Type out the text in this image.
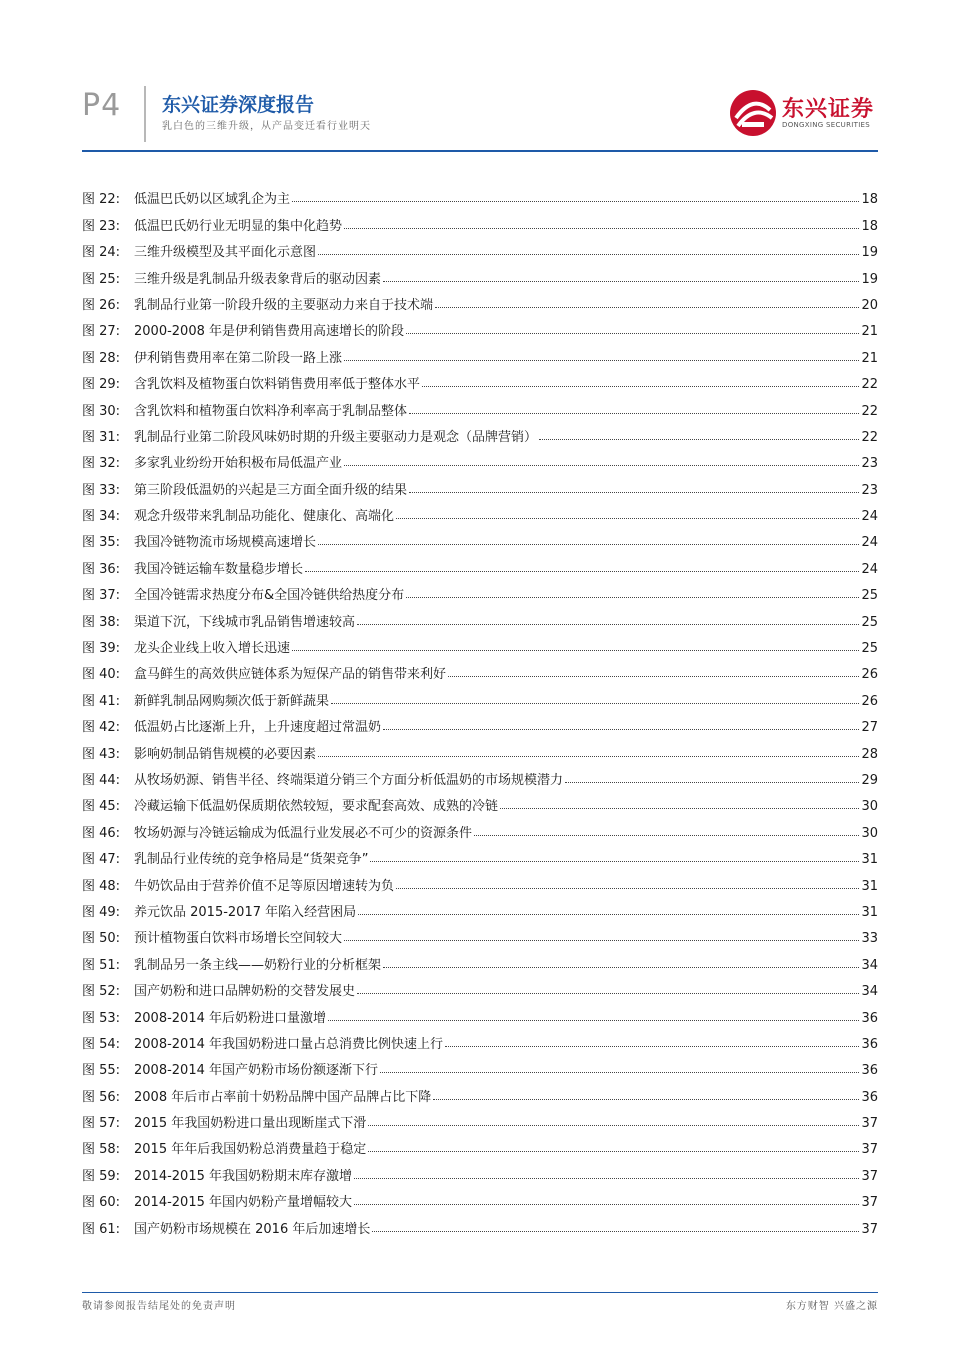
P4 东兴证券深度报告
乳白色的三维升级，从产品变迁看行业明天
东兴证券
DONGXING SECURITIES
图 22: 低温巴氏奶以区域乳企为主	18
图 23: 低温巴氏奶行业无明显的集中化趋势	18
图 24: 三维升级模型及其平面化示意图	19
图 25: 三维升级是乳制品升级表象背后的驱动因素	19
图 26: 乳制品行业第一阶段升级的主要驱动力来自于技术端	20
图 27: 2000-2008 年是伊利销售费用高速增长的阶段	21
图 28: 伊利销售费用率在第二阶段一路上涨	21
图 29: 含乳饮料及植物蛋白饮料销售费用率低于整体水平	22
图 30: 含乳饮料和植物蛋白饮料净利率高于乳制品整体	22
图 31: 乳制品行业第二阶段风味奶时期的升级主要驱动力是观念（品牌营销）	22
图 32: 多家乳业纷纷开始积极布局低温产业	23
图 33: 第三阶段低温奶的兴起是三方面全面升级的结果	23
图 34: 观念升级带来乳制品功能化、健康化、高端化	24
图 35: 我国冷链物流市场规模高速增长	24
图 36: 我国冷链运输车数量稳步增长	24
图 37: 全国冷链需求热度分布&全国冷链供给热度分布	25
图 38: 渠道下沉，下线城市乳品销售增速较高	25
图 39: 龙头企业线上收入增长迅速	25
图 40: 盒马鲜生的高效供应链体系为短保产品的销售带来利好	26
图 41: 新鲜乳制品网购频次低于新鲜蔬果	26
图 42: 低温奶占比逐渐上升，上升速度超过常温奶	27
图 43: 影响奶制品销售规模的必要因素	28
图 44: 从牧场奶源、销售半径、终端渠道分销三个方面分析低温奶的市场规模潜力	29
图 45: 冷藏运输下低温奶保质期依然较短，要求配套高效、成熟的冷链	30
图 46: 牧场奶源与冷链运输成为低温行业发展必不可少的资源条件	30
图 47: 乳制品行业传统的竞争格局是“货架竞争”	31
图 48: 牛奶饮品由于营养价值不足等原因增速转为负	31
图 49: 养元饮品 2015-2017 年陷入经营困局	31
图 50: 预计植物蛋白饮料市场增长空间较大	33
图 51: 乳制品另一条主线——奶粉行业的分析框架	34
图 52: 国产奶粉和进口品牌奶粉的交替发展史	34
图 53: 2008-2014 年后奶粉进口量激增	36
图 54: 2008-2014 年我国奶粉进口量占总消费比例快速上行	36
图 55: 2008-2014 年国产奶粉市场份额逐渐下行	36
图 56: 2008 年后市占率前十奶粉品牌中国产品牌占比下降	36
图 57: 2015 年我国奶粉进口量出现断崖式下滑	37
图 58: 2015 年年后我国奶粉总消费量趋于稳定	37
图 59: 2014-2015 年我国奶粉期末库存激增	37
图 60: 2014-2015 年国内奶粉产量增幅较大	37
图 61: 国产奶粉市场规模在 2016 年后加速增长	37
敬请参阅报告结尾处的免责声明	东方财智 兴盛之源
